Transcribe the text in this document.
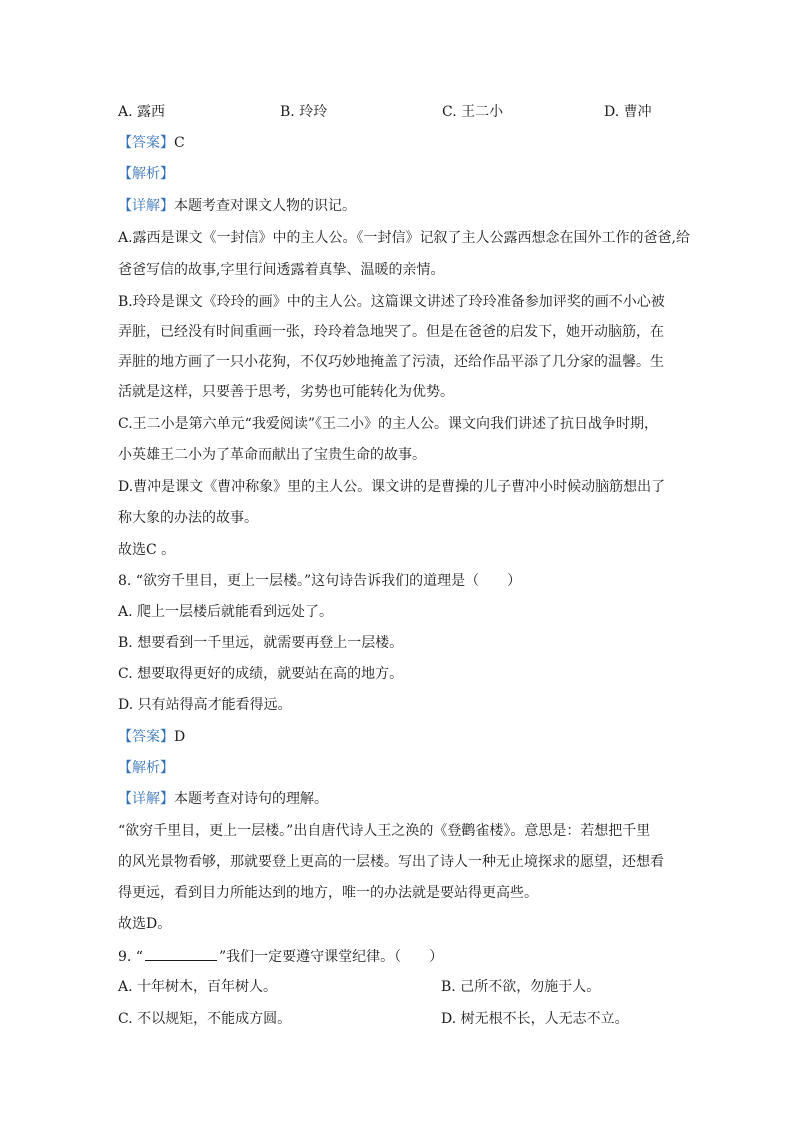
A. 露西	B. 玲玲	C. 王二小	D. 曹冲
【答案】C
【解析】
【详解】本题考查对课文人物的识记。
A.露西是课文《一封信》中的主人公。《一封信》记叙了主人公露西想念在国外工作的爸爸,给
爸爸写信的故事,字里行间透露着真挚、温暖的亲情。
B.玲玲是课文《玲玲的画》中的主人公。这篇课文讲述了玲玲准备参加评奖的画不小心被
弄脏，已经没有时间重画一张，玲玲着急地哭了。但是在爸爸的启发下，她开动脑筋，在
弄脏的地方画了一只小花狗，不仅巧妙地掩盖了污渍，还给作品平添了几分家的温馨。生
活就是这样，只要善于思考，劣势也可能转化为优势。
C.王二小是第六单元“我爱阅读”《王二小》的主人公。课文向我们讲述了抗日战争时期，
小英雄王二小为了革命而献出了宝贵生命的故事。
D.曹冲是课文《曹冲称象》里的主人公。课文讲的是曹操的儿子曹冲小时候动脑筋想出了
称大象的办法的故事。
故选C 。
8. “欲穷千里目，更上一层楼。”这句诗告诉我们的道理是（　　）
A. 爬上一层楼后就能看到远处了。
B. 想要看到一千里远，就需要再登上一层楼。
C. 想要取得更好的成绩，就要站在高的地方。
D. 只有站得高才能看得远。
【答案】D
【解析】
【详解】本题考查对诗句的理解。
“欲穷千里目，更上一层楼。”出自唐代诗人王之涣的《登鹳雀楼》。意思是：若想把千里
的风光景物看够，那就要登上更高的一层楼。写出了诗人一种无止境探求的愿望，还想看
得更远，看到目力所能达到的地方，唯一的办法就是要站得更高些。
故选D。
9. “	”我们一定要遵守课堂纪律。（　　）
A. 十年树木，百年树人。	B. 己所不欲，勿施于人。
C. 不以规矩，不能成方圆。	D. 树无根不长，人无志不立。
